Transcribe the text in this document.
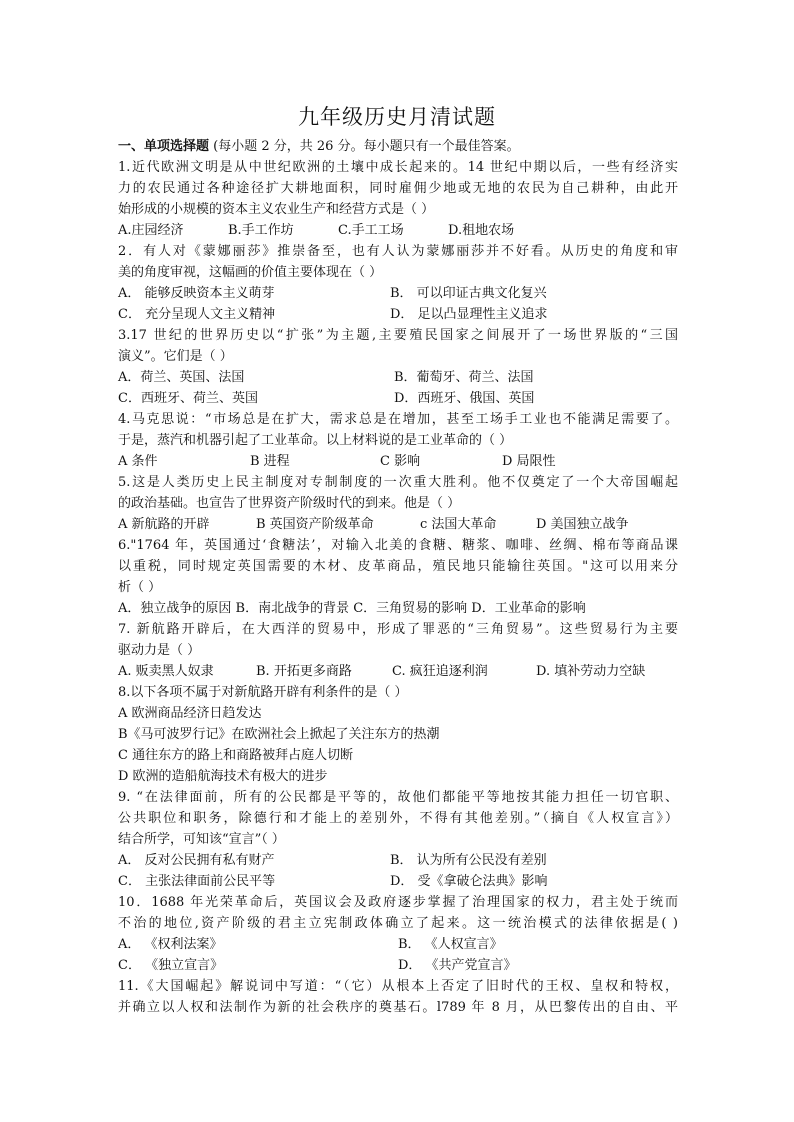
九年级历史月清试题
一、单项选择题 (每小题 2 分，共 26 分。每小题只有一个最佳答案。
1.近代欧洲文明是从中世纪欧洲的土壤中成长起来的。14 世纪中期以后，一些有经济实
力的农民通过各种途径扩大耕地面积，同时雇佣少地或无地的农民为自己耕种，由此开
始形成的小规模的资本主义农业生产和经营方式是（ ）
A.庄园经济	B.手工作坊	C.手工工场	D.租地农场
2．有人对《蒙娜丽莎》推崇备至，也有人认为蒙娜丽莎并不好看。从历史的角度和审
美的角度审视，这幅画的价值主要体现在（ ）
A． 能够反映资本主义萌芽	B． 可以印证古典文化复兴
C． 充分呈现人文主义精神	D． 足以凸显理性主义追求
3.17 世纪的世界历史以“扩张”为主题,主要殖民国家之间展开了一场世界版的“三国
演义”。它们是（ ）
A．荷兰、英国、法国	B．葡萄牙、荷兰、法国
C．西班牙、荷兰、英国	D．西班牙、俄国、英国
4.马克思说：“市场总是在扩大，需求总是在增加，甚至工场手工业也不能满足需要了。
于是，蒸汽和机器引起了工业革命。以上材料说的是工业革命的（ ）
A 条件	B 进程	C 影响	D 局限性
5.这是人类历史上民主制度对专制制度的一次重大胜利。他不仅奠定了一个大帝国崛起
的政治基础。也宣告了世界资产阶级时代的到来。他是（ ）
A 新航路的开辟	B 英国资产阶级革命	c 法国大革命	D 美国独立战争
6."1764 年，英国通过‘食糖法’，对输入北美的食糖、糖浆、咖啡、丝绸、棉布等商品课
以重税，同时规定英国需要的木材、皮革商品，殖民地只能输往英国。"这可以用来分
析（ ）
A．独立战争的原因 B．南北战争的背景 C．三角贸易的影响 D．工业革命的影响
7. 新航路开辟后，在大西洋的贸易中，形成了罪恶的“三角贸易”。这些贸易行为主要
驱动力是（ ）
A. 贩卖黑人奴隶	B. 开拓更多商路	C. 疯狂追逐利润	D. 填补劳动力空缺
8.以下各项不属于对新航路开辟有利条件的是（ ）
A 欧洲商品经济日趋发达
B《马可波罗行记》在欧洲社会上掀起了关注东方的热潮
C 通往东方的路上和商路被拜占庭人切断
D 欧洲的造船航海技术有极大的进步
9. “在法律面前，所有的公民都是平等的，故他们都能平等地按其能力担任一切官职、
公共职位和职务，除德行和才能上的差别外，不得有其他差别。”（摘自《人权宣言》）
结合所学，可知该“宣言”（ ）
A． 反对公民拥有私有财产	B． 认为所有公民没有差别
C． 主张法律面前公民平等	D． 受《拿破仑法典》影响
10．1688 年光荣革命后，英国议会及政府逐步掌握了治理国家的权力，君主处于统而
不治的地位,资产阶级的君主立宪制政体确立了起来。这一统治模式的法律依据是( )
A． 《权利法案》	B． 《人权宣言》
C． 《独立宣言》	D． 《共产党宣言》
11.《大国崛起》解说词中写道：“（它）从根本上否定了旧时代的王权、皇权和特权，
并确立以人权和法制作为新的社会秩序的奠基石。l789 年 8 月，从巴黎传出的自由、平
